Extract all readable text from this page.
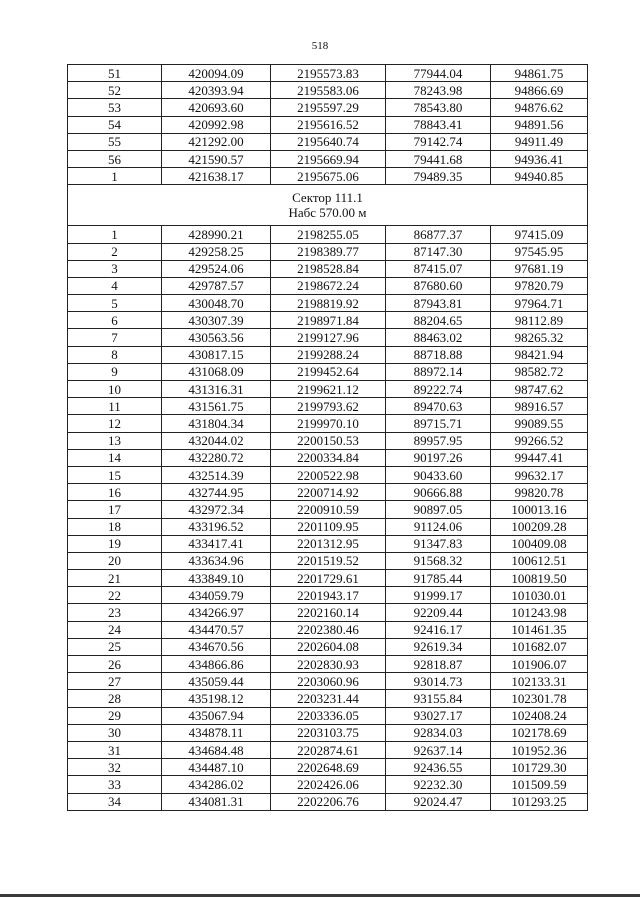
518
51	420094.09	2195573.83	77944.04	94861.75
52	420393.94	2195583.06	78243.98	94866.69
53	420693.60	2195597.29	78543.80	94876.62
54	420992.98	2195616.52	78843.41	94891.56
55	421292.00	2195640.74	79142.74	94911.49
56	421590.57	2195669.94	79441.68	94936.41
1	421638.17	2195675.06	79489.35	94940.85

Сектор 111.1
Набс 570.00 м				

1	428990.21	2198255.05	86877.37	97415.09
2	429258.25	2198389.77	87147.30	97545.95
3	429524.06	2198528.84	87415.07	97681.19
4	429787.57	2198672.24	87680.60	97820.79
5	430048.70	2198819.92	87943.81	97964.71
6	430307.39	2198971.84	88204.65	98112.89
7	430563.56	2199127.96	88463.02	98265.32
8	430817.15	2199288.24	88718.88	98421.94
9	431068.09	2199452.64	88972.14	98582.72
10	431316.31	2199621.12	89222.74	98747.62
11	431561.75	2199793.62	89470.63	98916.57
12	431804.34	2199970.10	89715.71	99089.55
13	432044.02	2200150.53	89957.95	99266.52
14	432280.72	2200334.84	90197.26	99447.41
15	432514.39	2200522.98	90433.60	99632.17
16	432744.95	2200714.92	90666.88	99820.78
17	432972.34	2200910.59	90897.05	100013.16
18	433196.52	2201109.95	91124.06	100209.28
19	433417.41	2201312.95	91347.83	100409.08
20	433634.96	2201519.52	91568.32	100612.51
21	433849.10	2201729.61	91785.44	100819.50
22	434059.79	2201943.17	91999.17	101030.01
23	434266.97	2202160.14	92209.44	101243.98
24	434470.57	2202380.46	92416.17	101461.35
25	434670.56	2202604.08	92619.34	101682.07
26	434866.86	2202830.93	92818.87	101906.07
27	435059.44	2203060.96	93014.73	102133.31
28	435198.12	2203231.44	93155.84	102301.78
29	435067.94	2203336.05	93027.17	102408.24
30	434878.11	2203103.75	92834.03	102178.69
31	434684.48	2202874.61	92637.14	101952.36
32	434487.10	2202648.69	92436.55	101729.30
33	434286.02	2202426.06	92232.30	101509.59
34	434081.31	2202206.76	92024.47	101293.25
